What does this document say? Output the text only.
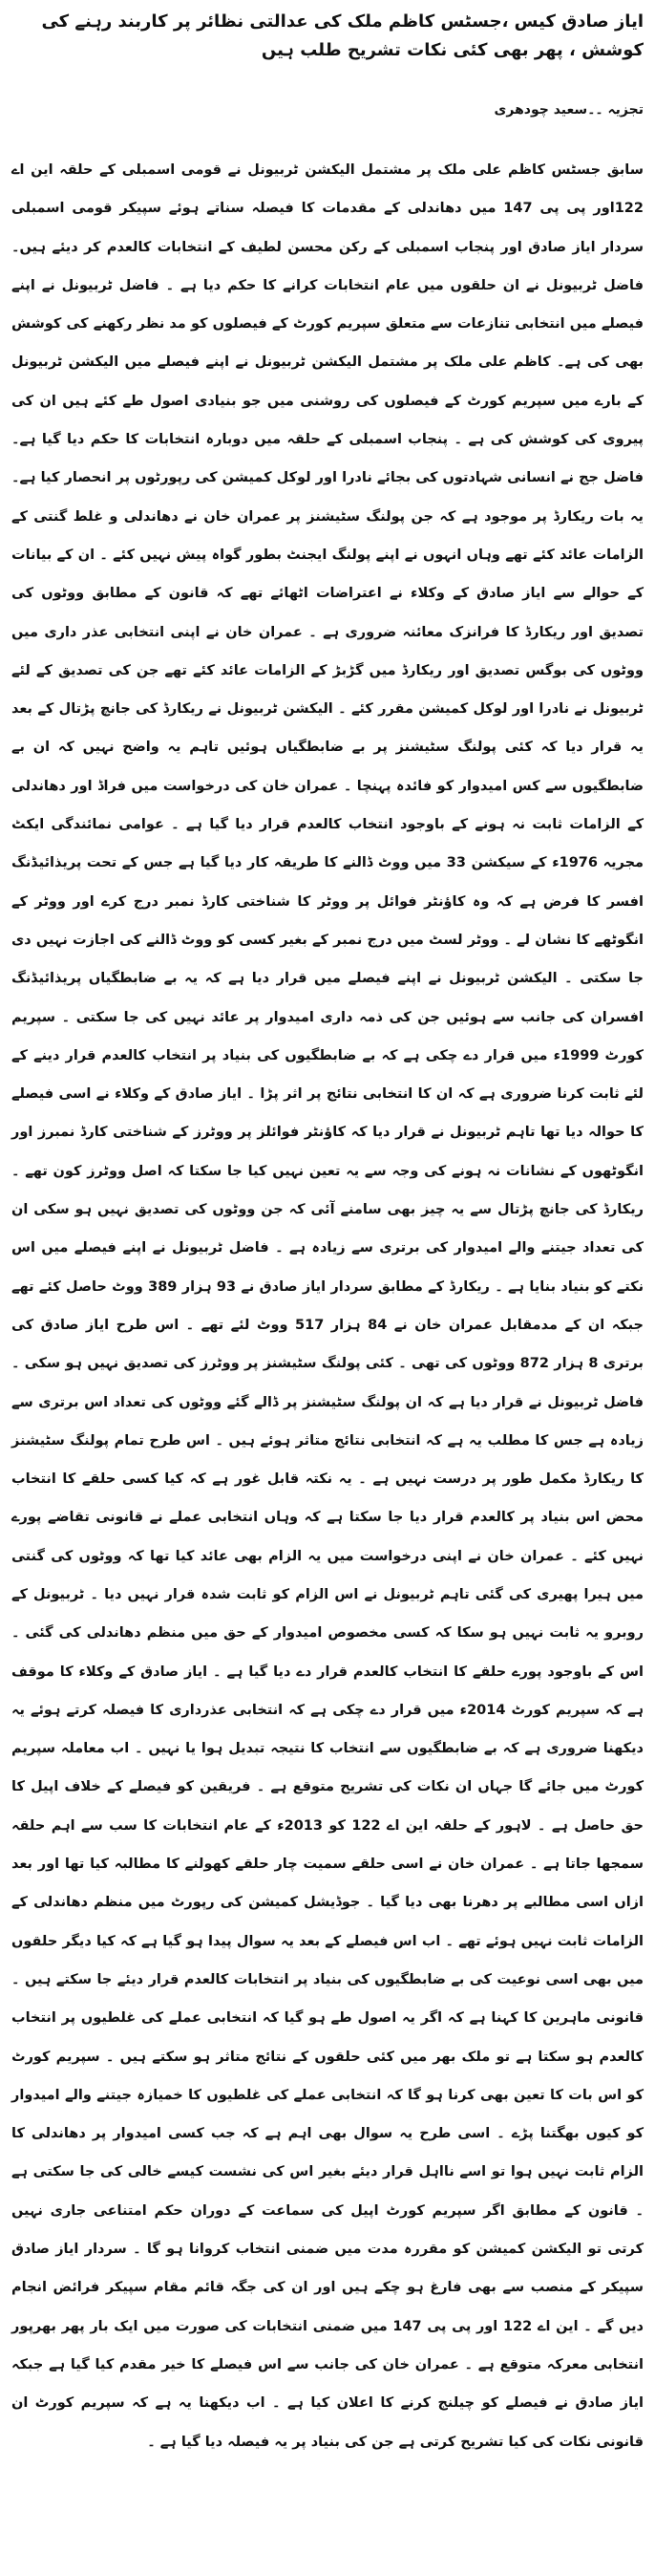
ایاز صادق کیس ،جسٹس کاظم ملک کی عدالتی نظائر پر کاربند رہنے کی کوشش ، پھر بھی کئی نکات تشریح طلب ہیں
تجزیہ ۔۔سعید چودھری

سابق جسٹس کاظم علی ملک پر مشتمل الیکشن ٹربیونل نے قومی اسمبلی کے حلقہ این اے 122اور پی پی 147 میں دھاندلی کے مقدمات کا فیصلہ سناتے ہوئے سپیکر قومی اسمبلی سردار ایاز صادق اور پنجاب اسمبلی کے رکن محسن لطیف کے انتخابات کالعدم کر دیئے ہیں۔ فاضل ٹربیونل نے ان حلقوں میں عام انتخابات کرانے کا حکم دیا ہے ۔ فاضل ٹربیونل نے اپنے فیصلے میں انتخابی تنازعات سے متعلق سپریم کورٹ کے فیصلوں کو مد نظر رکھنے کی کوشش بھی کی ہے۔ کاظم علی ملک پر مشتمل الیکشن ٹربیونل نے اپنے فیصلے میں الیکشن ٹربیونل کے بارے میں سپریم کورٹ کے فیصلوں کی روشنی میں جو بنیادی اصول طے کئے ہیں ان کی پیروی کی کوشش کی ہے ۔ پنجاب اسمبلی کے حلقہ میں دوبارہ انتخابات کا حکم دیا گیا ہے۔ فاضل جج نے انسانی شہادتوں کی بجائے نادرا اور لوکل کمیشن کی رپورٹوں پر انحصار کیا ہے۔ یہ بات ریکارڈ پر موجود ہے کہ جن پولنگ سٹیشنز پر عمران خان نے دھاندلی و غلط گنتی کے الزامات عائد کئے تھے وہاں انہوں نے اپنے پولنگ ایجنٹ بطور گواہ پیش نہیں کئے ۔ ان کے بیانات کے حوالے سے ایاز صادق کے وکلاء نے اعتراضات اٹھائے تھے کہ قانون کے مطابق ووٹوں کی تصدیق اور ریکارڈ کا فرانزک معائنہ ضروری ہے ۔ عمران خان نے اپنی انتخابی عذر داری میں ووٹوں کی بوگس تصدیق اور ریکارڈ میں گڑبڑ کے الزامات عائد کئے تھے جن کی تصدیق کے لئے ٹربیونل نے نادرا اور لوکل کمیشن مقرر کئے ۔ الیکشن ٹربیونل نے ریکارڈ کی جانچ پڑتال کے بعد یہ قرار دیا کہ کئی پولنگ سٹیشنز پر بے ضابطگیاں ہوئیں تاہم یہ واضح نہیں کہ ان بے ضابطگیوں سے کس امیدوار کو فائدہ پہنچا ۔ عمران خان کی درخواست میں فراڈ اور دھاندلی کے الزامات ثابت نہ ہونے کے باوجود انتخاب کالعدم قرار دیا گیا ہے ۔ عوامی نمائندگی ایکٹ مجریہ 1976ء کے سیکشن 33 میں ووٹ ڈالنے کا طریقہ کار دیا گیا ہے جس کے تحت پریذائیڈنگ افسر کا فرض ہے کہ وہ کاؤنٹر فوائل پر ووٹر کا شناختی کارڈ نمبر درج کرے اور ووٹر کے انگوٹھے کا نشان لے ۔ ووٹر لسٹ میں درج نمبر کے بغیر کسی کو ووٹ ڈالنے کی اجازت نہیں دی جا سکتی ۔ الیکشن ٹربیونل نے اپنے فیصلے میں قرار دیا ہے کہ یہ بے ضابطگیاں پریذائیڈنگ افسران کی جانب سے ہوئیں جن کی ذمہ داری امیدوار پر عائد نہیں کی جا سکتی ۔ سپریم کورٹ 1999ء میں قرار دے چکی ہے کہ بے ضابطگیوں کی بنیاد پر انتخاب کالعدم قرار دینے کے لئے ثابت کرنا ضروری ہے کہ ان کا انتخابی نتائج پر اثر پڑا ۔ ایاز صادق کے وکلاء نے اسی فیصلے کا حوالہ دیا تھا تاہم ٹربیونل نے قرار دیا کہ کاؤنٹر فوائلز پر ووٹرز کے شناختی کارڈ نمبرز اور انگوٹھوں کے نشانات نہ ہونے کی وجہ سے یہ تعین نہیں کیا جا سکتا کہ اصل ووٹرز کون تھے ۔ ریکارڈ کی جانچ پڑتال سے یہ چیز بھی سامنے آئی کہ جن ووٹوں کی تصدیق نہیں ہو سکی ان کی تعداد جیتنے والے امیدوار کی برتری سے زیادہ ہے ۔ فاضل ٹربیونل نے اپنے فیصلے میں اس نکتے کو بنیاد بنایا ہے ۔ ریکارڈ کے مطابق سردار ایاز صادق نے 93 ہزار 389 ووٹ حاصل کئے تھے جبکہ ان کے مدمقابل عمران خان نے 84 ہزار 517 ووٹ لئے تھے ۔ اس طرح ایاز صادق کی برتری 8 ہزار 872 ووٹوں کی تھی ۔ کئی پولنگ سٹیشنز پر ووٹرز کی تصدیق نہیں ہو سکی ۔ فاضل ٹربیونل نے قرار دیا ہے کہ ان پولنگ سٹیشنز پر ڈالے گئے ووٹوں کی تعداد اس برتری سے زیادہ ہے جس کا مطلب یہ ہے کہ انتخابی نتائج متاثر ہوئے ہیں ۔ اس طرح تمام پولنگ سٹیشنز کا ریکارڈ مکمل طور پر درست نہیں ہے ۔ یہ نکتہ قابل غور ہے کہ کیا کسی حلقے کا انتخاب محض اس بنیاد پر کالعدم قرار دیا جا سکتا ہے کہ وہاں انتخابی عملے نے قانونی تقاضے پورے نہیں کئے ۔ عمران خان نے اپنی درخواست میں یہ الزام بھی عائد کیا تھا کہ ووٹوں کی گنتی میں ہیرا پھیری کی گئی تاہم ٹربیونل نے اس الزام کو ثابت شدہ قرار نہیں دیا ۔ ٹربیونل کے روبرو یہ ثابت نہیں ہو سکا کہ کسی مخصوص امیدوار کے حق میں منظم دھاندلی کی گئی ۔ اس کے باوجود پورے حلقے کا انتخاب کالعدم قرار دے دیا گیا ہے ۔ ایاز صادق کے وکلاء کا موقف ہے کہ سپریم کورٹ 2014ء میں قرار دے چکی ہے کہ انتخابی عذرداری کا فیصلہ کرتے ہوئے یہ دیکھنا ضروری ہے کہ بے ضابطگیوں سے انتخاب کا نتیجہ تبدیل ہوا یا نہیں ۔ اب معاملہ سپریم کورٹ میں جائے گا جہاں ان نکات کی تشریح متوقع ہے ۔ فریقین کو فیصلے کے خلاف اپیل کا حق حاصل ہے ۔ لاہور کے حلقہ این اے 122 کو 2013ء کے عام انتخابات کا سب سے اہم حلقہ سمجھا جاتا ہے ۔ عمران خان نے اسی حلقے سمیت چار حلقے کھولنے کا مطالبہ کیا تھا اور بعد ازاں اسی مطالبے پر دھرنا بھی دیا گیا ۔ جوڈیشل کمیشن کی رپورٹ میں منظم دھاندلی کے الزامات ثابت نہیں ہوئے تھے ۔ اب اس فیصلے کے بعد یہ سوال پیدا ہو گیا ہے کہ کیا دیگر حلقوں میں بھی اسی نوعیت کی بے ضابطگیوں کی بنیاد پر انتخابات کالعدم قرار دیئے جا سکتے ہیں ۔ قانونی ماہرین کا کہنا ہے کہ اگر یہ اصول طے ہو گیا کہ انتخابی عملے کی غلطیوں پر انتخاب کالعدم ہو سکتا ہے تو ملک بھر میں کئی حلقوں کے نتائج متاثر ہو سکتے ہیں ۔ سپریم کورٹ کو اس بات کا تعین بھی کرنا ہو گا کہ انتخابی عملے کی غلطیوں کا خمیازہ جیتنے والے امیدوار کو کیوں بھگتنا پڑے ۔ اسی طرح یہ سوال بھی اہم ہے کہ جب کسی امیدوار پر دھاندلی کا الزام ثابت نہیں ہوا تو اسے نااہل قرار دیئے بغیر اس کی نشست کیسے خالی کی جا سکتی ہے ۔ قانون کے مطابق اگر سپریم کورٹ اپیل کی سماعت کے دوران حکم امتناعی جاری نہیں کرتی تو الیکشن کمیشن کو مقررہ مدت میں ضمنی انتخاب کروانا ہو گا ۔ سردار ایاز صادق سپیکر کے منصب سے بھی فارغ ہو چکے ہیں اور ان کی جگہ قائم مقام سپیکر فرائض انجام دیں گے ۔ این اے 122 اور پی پی 147 میں ضمنی انتخابات کی صورت میں ایک بار پھر بھرپور انتخابی معرکہ متوقع ہے ۔ عمران خان کی جانب سے اس فیصلے کا خیر مقدم کیا گیا ہے جبکہ ایاز صادق نے فیصلے کو چیلنج کرنے کا اعلان کیا ہے ۔ اب دیکھنا یہ ہے کہ سپریم کورٹ ان قانونی نکات کی کیا تشریح کرتی ہے جن کی بنیاد پر یہ فیصلہ دیا گیا ہے ۔
